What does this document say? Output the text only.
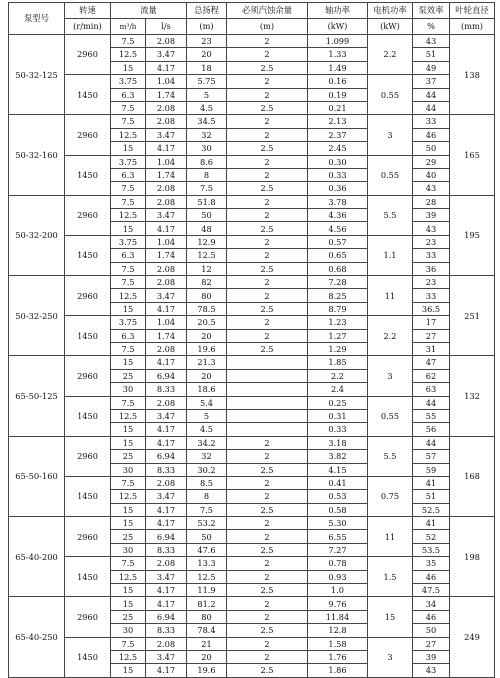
泵型号	转速	流量		总扬程	必须汽蚀余量	轴功率	电机功率	泵效率	叶轮直径
	(r/min)	m³/h	l/s	(m)	(m)	(kW)	(kW)	%	(mm)
50-32-125	2960	7.5	2.08	23	2	1.099	2.2	43	138
		12.5	3.47	20	2	1.33		51	
		15	4.17	18	2.5	1.49		49	
	1450	3.75	1.04	5.75	2	0.16	0.55	37	
		6.3	1.74	5	2	0.19		44	
		7.5	2.08	4.5	2.5	0.21		44	
50-32-160	2960	7.5	2.08	34.5	2	2.13	3	33	165
		12.5	3.47	32	2	2.37		46	
		15	4.17	30	2.5	2.45		50	
	1450	3.75	1.04	8.6	2	0.30	0.55	29	
		6.3	1.74	8	2	0.33		40	
		7.5	2.08	7.5	2.5	0.36		43	
50-32-200	2960	7.5	2.08	51.8	2	3.78	5.5	28	195
		12.5	3.47	50	2	4.36		39	
		15	4.17	48	2.5	4.56		43	
	1450	3.75	1.04	12.9	2	0.57	1.1	23	
		6.3	1.74	12.5	2	0.65		33	
		7.5	2.08	12	2.5	0.68		36	
50-32-250	2960	7.5	2.08	82	2	7.28	11	23	251
		12.5	3.47	80	2	8.25		33	
		15	4.17	78.5	2.5	8.79		36.5	
	1450	3.75	1.04	20.5	2	1.23	2.2	17	
		6.3	1.74	20	2	1.27		27	
		7.5	2.08	19.6	2.5	1.29		31	
65-50-125	2960	15	4.17	21.3		1.85	3	47	132
		25	6.94	20		2.2		62	
		30	8.33	18.6		2.4		63	
	1450	7.5	2.08	5.4		0.25	0.55	44	
		12.5	3.47	5		0.31		55	
		15	4.17	4.5		0.33		56	
65-50-160	2960	15	4.17	34.2	2	3.18	5.5	44	168
		25	6.94	32	2	3.82		57	
		30	8.33	30.2	2.5	4.15		59	
	1450	7.5	2.08	8.5	2	0.41	0.75	41	
		12.5	3.47	8	2	0.53		51	
		15	4.17	7.5	2.5	0.58		52.5	
65-40-200	2960	15	4.17	53.2	2	5.30	11	41	198
		25	6.94	50	2	6.55		52	
		30	8.33	47.6	2.5	7.27		53.5	
	1450	7.5	2.08	13.3	2	0.78	1.5	35	
		12.5	3.47	12.5	2	0.93		46	
		15	4.17	11.9	2.5	1.0		47.5	
65-40-250	2960	15	4.17	81.2	2	9.76	15	34	249
		25	6.94	80	2	11.84		46	
		30	8.33	78.4	2.5	12.8		50	
	1450	7.5	2.08	21	2	1.58	3	27	
		12.5	3.47	20	2	1.76		39	
		15	4.17	19.6	2.5	1.86		43	
